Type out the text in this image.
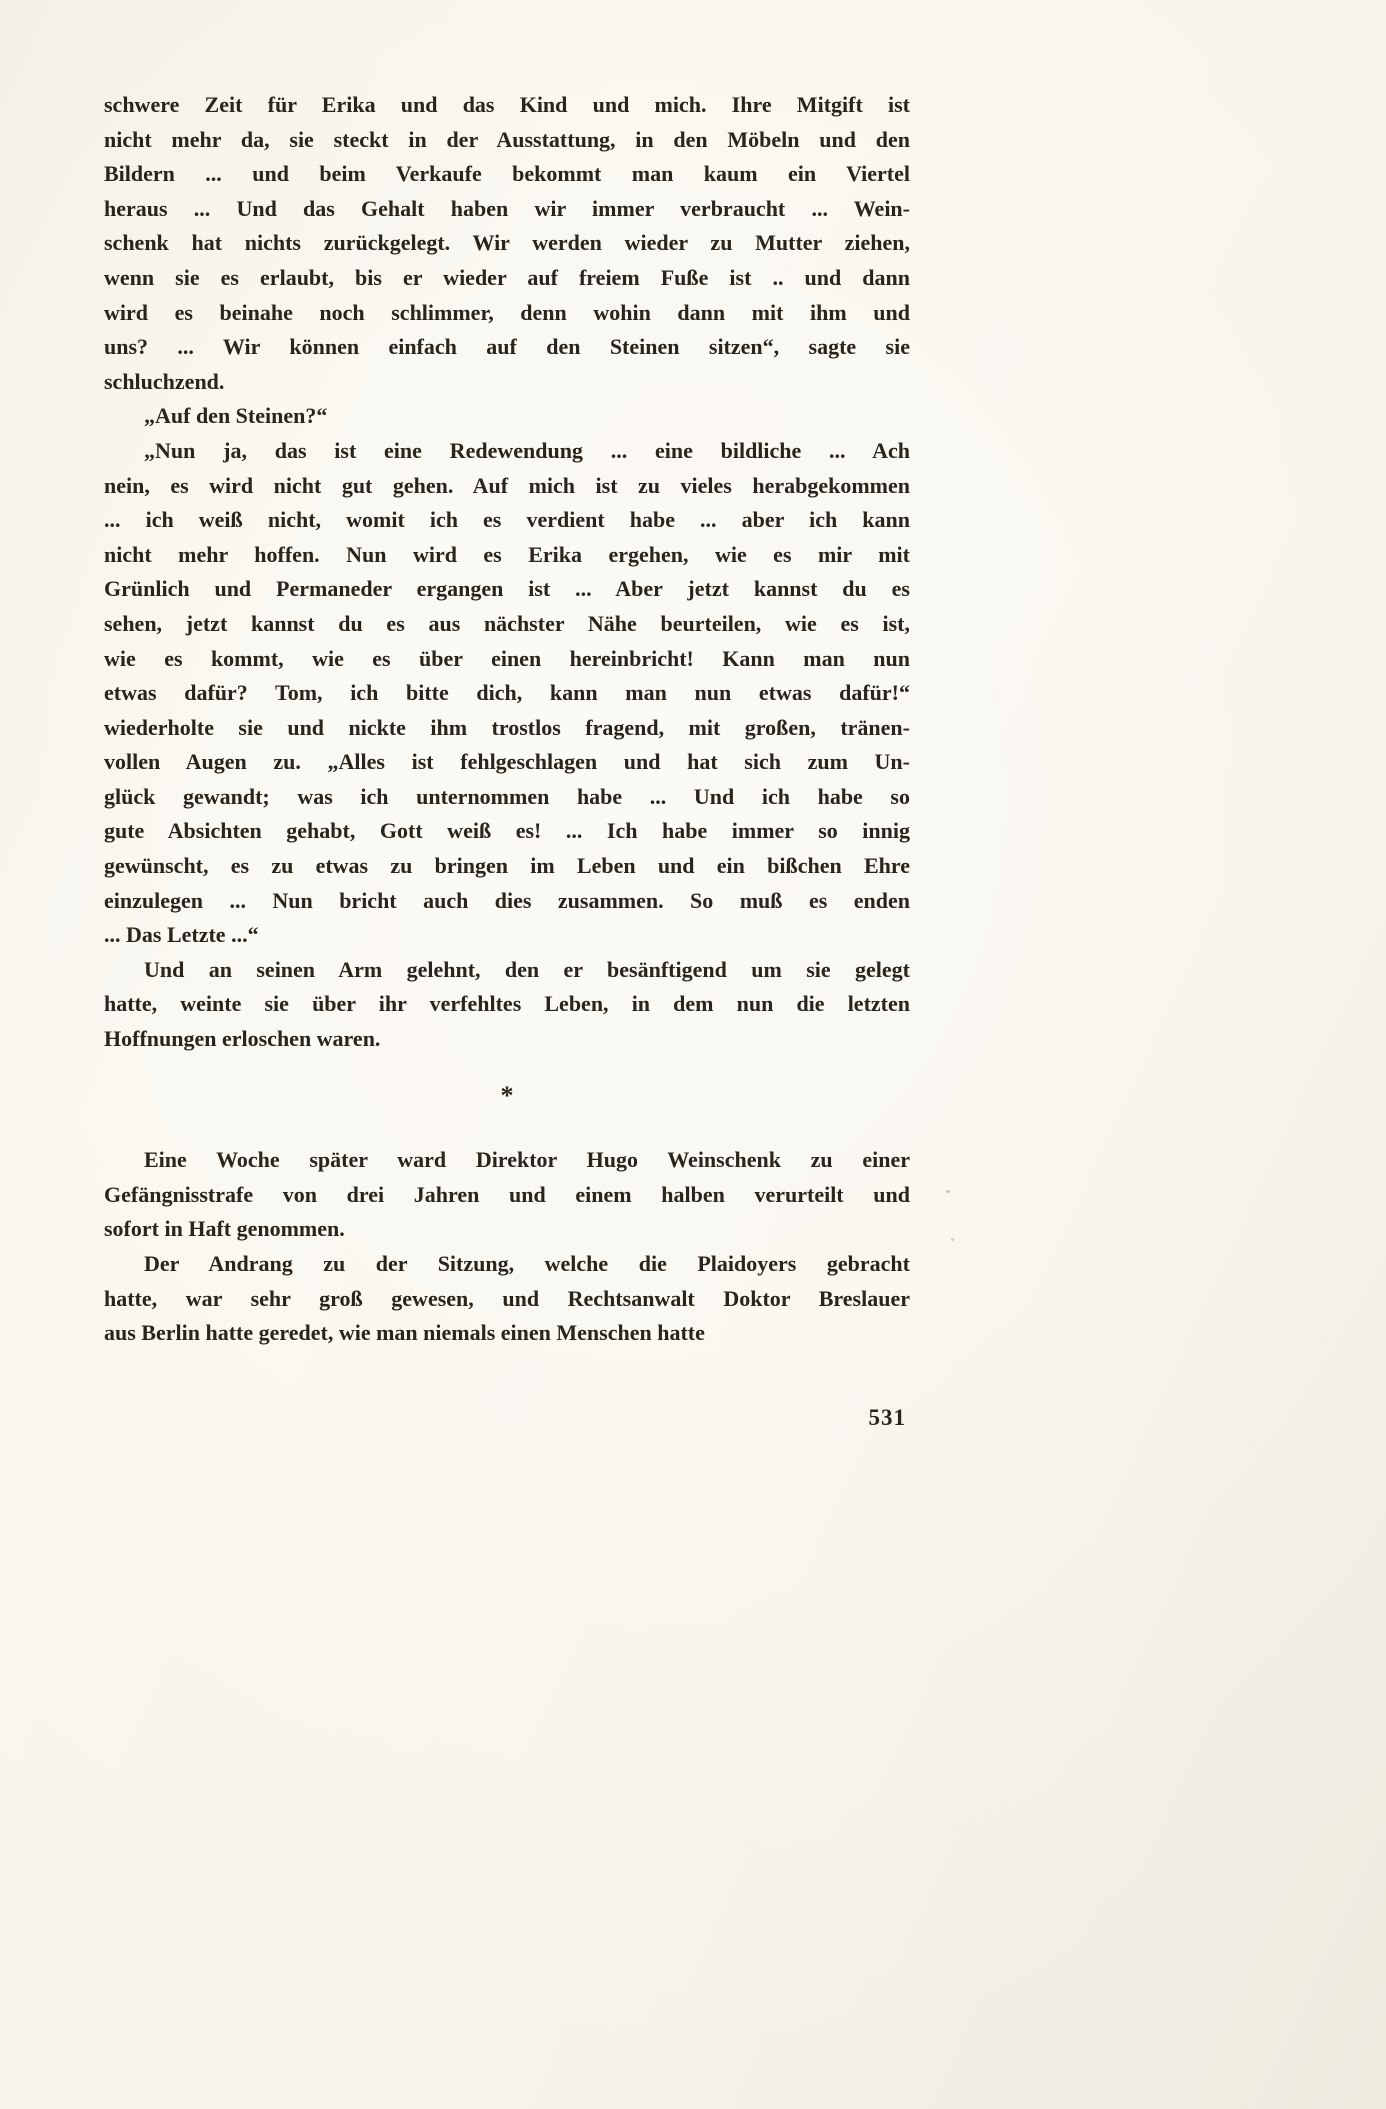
schwere Zeit für Erika und das Kind und mich. Ihre Mitgift ist
nicht mehr da, sie steckt in der Ausstattung, in den Möbeln und den
Bildern ... und beim Verkaufe bekommt man kaum ein Viertel
heraus ... Und das Gehalt haben wir immer verbraucht ... Wein-
schenk hat nichts zurückgelegt. Wir werden wieder zu Mutter ziehen,
wenn sie es erlaubt, bis er wieder auf freiem Fuße ist .. und dann
wird es beinahe noch schlimmer, denn wohin dann mit ihm und
uns? ... Wir können einfach auf den Steinen sitzen“, sagte sie
schluchzend.
„Auf den Steinen?“
„Nun ja, das ist eine Redewendung ... eine bildliche ... Ach
nein, es wird nicht gut gehen. Auf mich ist zu vieles herabgekommen
... ich weiß nicht, womit ich es verdient habe ... aber ich kann
nicht mehr hoffen. Nun wird es Erika ergehen, wie es mir mit
Grünlich und Permaneder ergangen ist ... Aber jetzt kannst du es
sehen, jetzt kannst du es aus nächster Nähe beurteilen, wie es ist,
wie es kommt, wie es über einen hereinbricht! Kann man nun
etwas dafür? Tom, ich bitte dich, kann man nun etwas dafür!“
wiederholte sie und nickte ihm trostlos fragend, mit großen, tränen-
vollen Augen zu. „Alles ist fehlgeschlagen und hat sich zum Un-
glück gewandt; was ich unternommen habe ... Und ich habe so
gute Absichten gehabt, Gott weiß es! ... Ich habe immer so innig
gewünscht, es zu etwas zu bringen im Leben und ein bißchen Ehre
einzulegen ... Nun bricht auch dies zusammen. So muß es enden
... Das Letzte ...“
Und an seinen Arm gelehnt, den er besänftigend um sie gelegt
hatte, weinte sie über ihr verfehltes Leben, in dem nun die letzten
Hoffnungen erloschen waren.
*
Eine Woche später ward Direktor Hugo Weinschenk zu einer
Gefängnisstrafe von drei Jahren und einem halben verurteilt und
sofort in Haft genommen.
Der Andrang zu der Sitzung, welche die Plaidoyers gebracht
hatte, war sehr groß gewesen, und Rechtsanwalt Doktor Breslauer
aus Berlin hatte geredet, wie man niemals einen Menschen hatte
531
